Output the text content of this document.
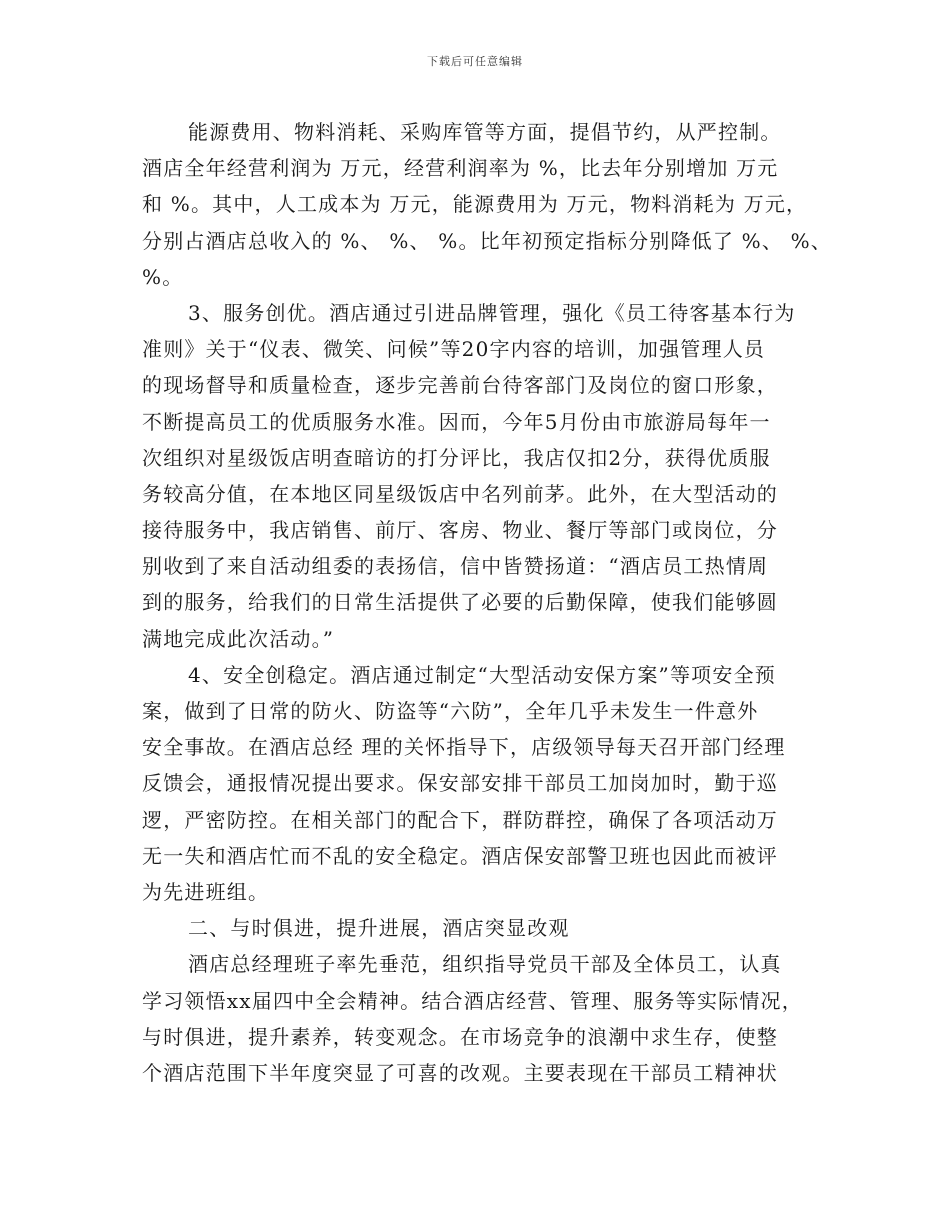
下载后可任意编辑
能源费用、物料消耗、采购库管等方面，提倡节约，从严控制。
酒店全年经营利润为 万元，经营利润率为 %，比去年分别增加 万元
和 %。其中，人工成本为 万元，能源费用为 万元，物料消耗为 万元，
分别占酒店总收入的 %、 %、 %。比年初预定指标分别降低了 %、 %、
%。
3、服务创优。酒店通过引进品牌管理，强化《员工待客基本行为
准则》关于“仪表、微笑、问候”等20字内容的培训，加强管理人员
的现场督导和质量检查，逐步完善前台待客部门及岗位的窗口形象，
不断提高员工的优质服务水准。因而，今年5月份由市旅游局每年一
次组织对星级饭店明查暗访的打分评比，我店仅扣2分，获得优质服
务较高分值，在本地区同星级饭店中名列前茅。此外，在大型活动的
接待服务中，我店销售、前厅、客房、物业、餐厅等部门或岗位，分
别收到了来自活动组委的表扬信，信中皆赞扬道：“酒店员工热情周
到的服务，给我们的日常生活提供了必要的后勤保障，使我们能够圆
满地完成此次活动。”
4、安全创稳定。酒店通过制定“大型活动安保方案”等项安全预
案，做到了日常的防火、防盗等“六防”，全年几乎未发生一件意外
安全事故。在酒店总经 理的关怀指导下，店级领导每天召开部门经理
反馈会，通报情况提出要求。保安部安排干部员工加岗加时，勤于巡
逻，严密防控。在相关部门的配合下，群防群控，确保了各项活动万
无一失和酒店忙而不乱的安全稳定。酒店保安部警卫班也因此而被评
为先进班组。
二、与时俱进，提升进展，酒店突显改观
酒店总经理班子率先垂范，组织指导党员干部及全体员工，认真
学习领悟xx届四中全会精神。结合酒店经营、管理、服务等实际情况，
与时俱进，提升素养，转变观念。在市场竞争的浪潮中求生存，使整
个酒店范围下半年度突显了可喜的改观。主要表现在干部员工精神状
